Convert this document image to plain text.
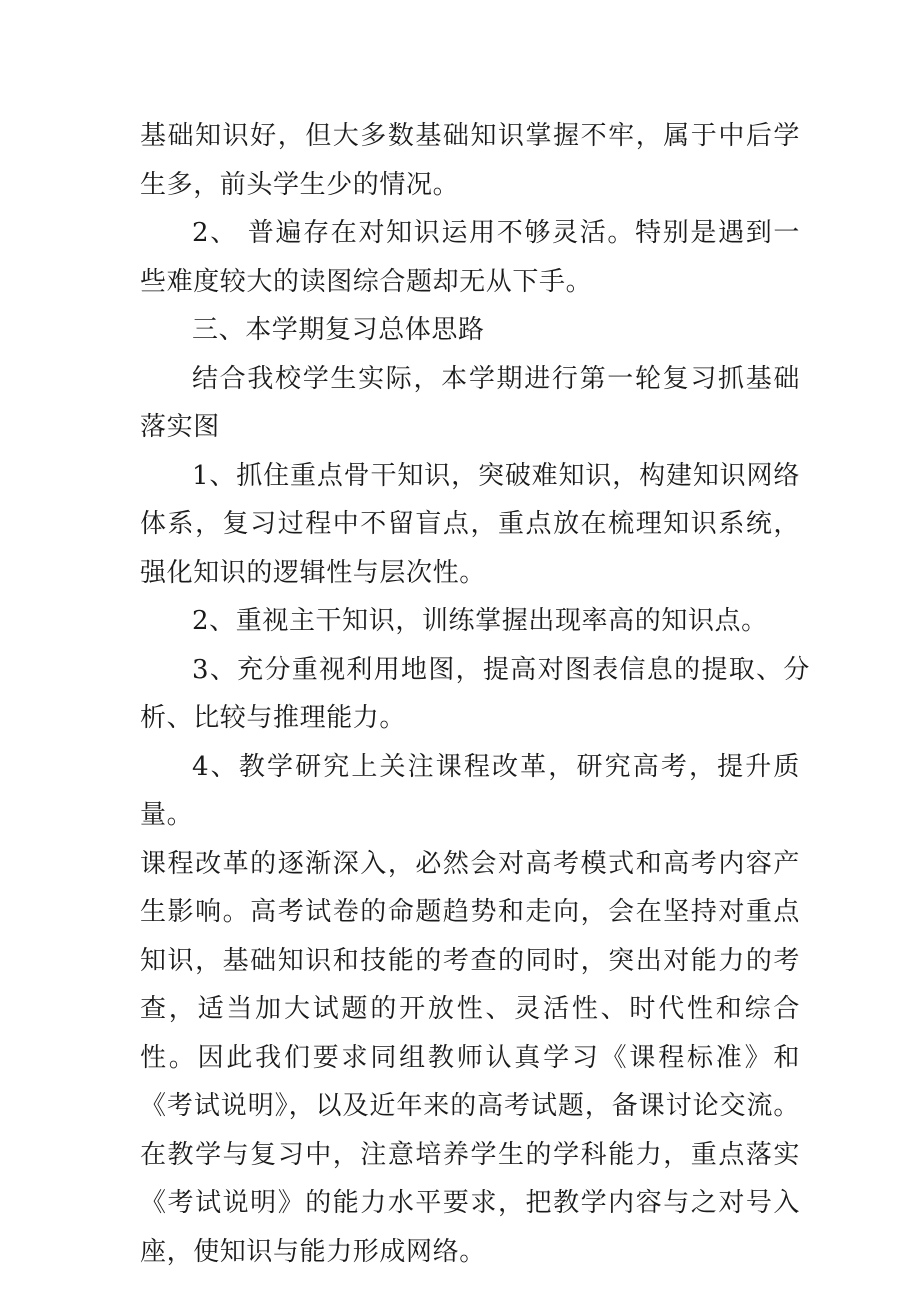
基础知识好，但大多数基础知识掌握不牢，属于中后学生多，前头学生少的情况。

2、 普遍存在对知识运用不够灵活。特别是遇到一些难度较大的读图综合题却无从下手。

三、本学期复习总体思路

结合我校学生实际，本学期进行第一轮复习抓基础落实图

1、抓住重点骨干知识，突破难知识，构建知识网络体系，复习过程中不留盲点，重点放在梳理知识系统，强化知识的逻辑性与层次性。

2、重视主干知识，训练掌握出现率高的知识点。

3、充分重视利用地图，提高对图表信息的提取、分析、比较与推理能力。

4、教学研究上关注课程改革，研究高考，提升质量。

课程改革的逐渐深入，必然会对高考模式和高考内容产生影响。高考试卷的命题趋势和走向，会在坚持对重点知识，基础知识和技能的考查的同时，突出对能力的考查，适当加大试题的开放性、灵活性、时代性和综合性。因此我们要求同组教师认真学习《课程标准》和《考试说明》，以及近年来的高考试题，备课讨论交流。在教学与复习中，注意培养学生的学科能力，重点落实《考试说明》的能力水平要求，把教学内容与之对号入座，使知识与能力形成网络。
